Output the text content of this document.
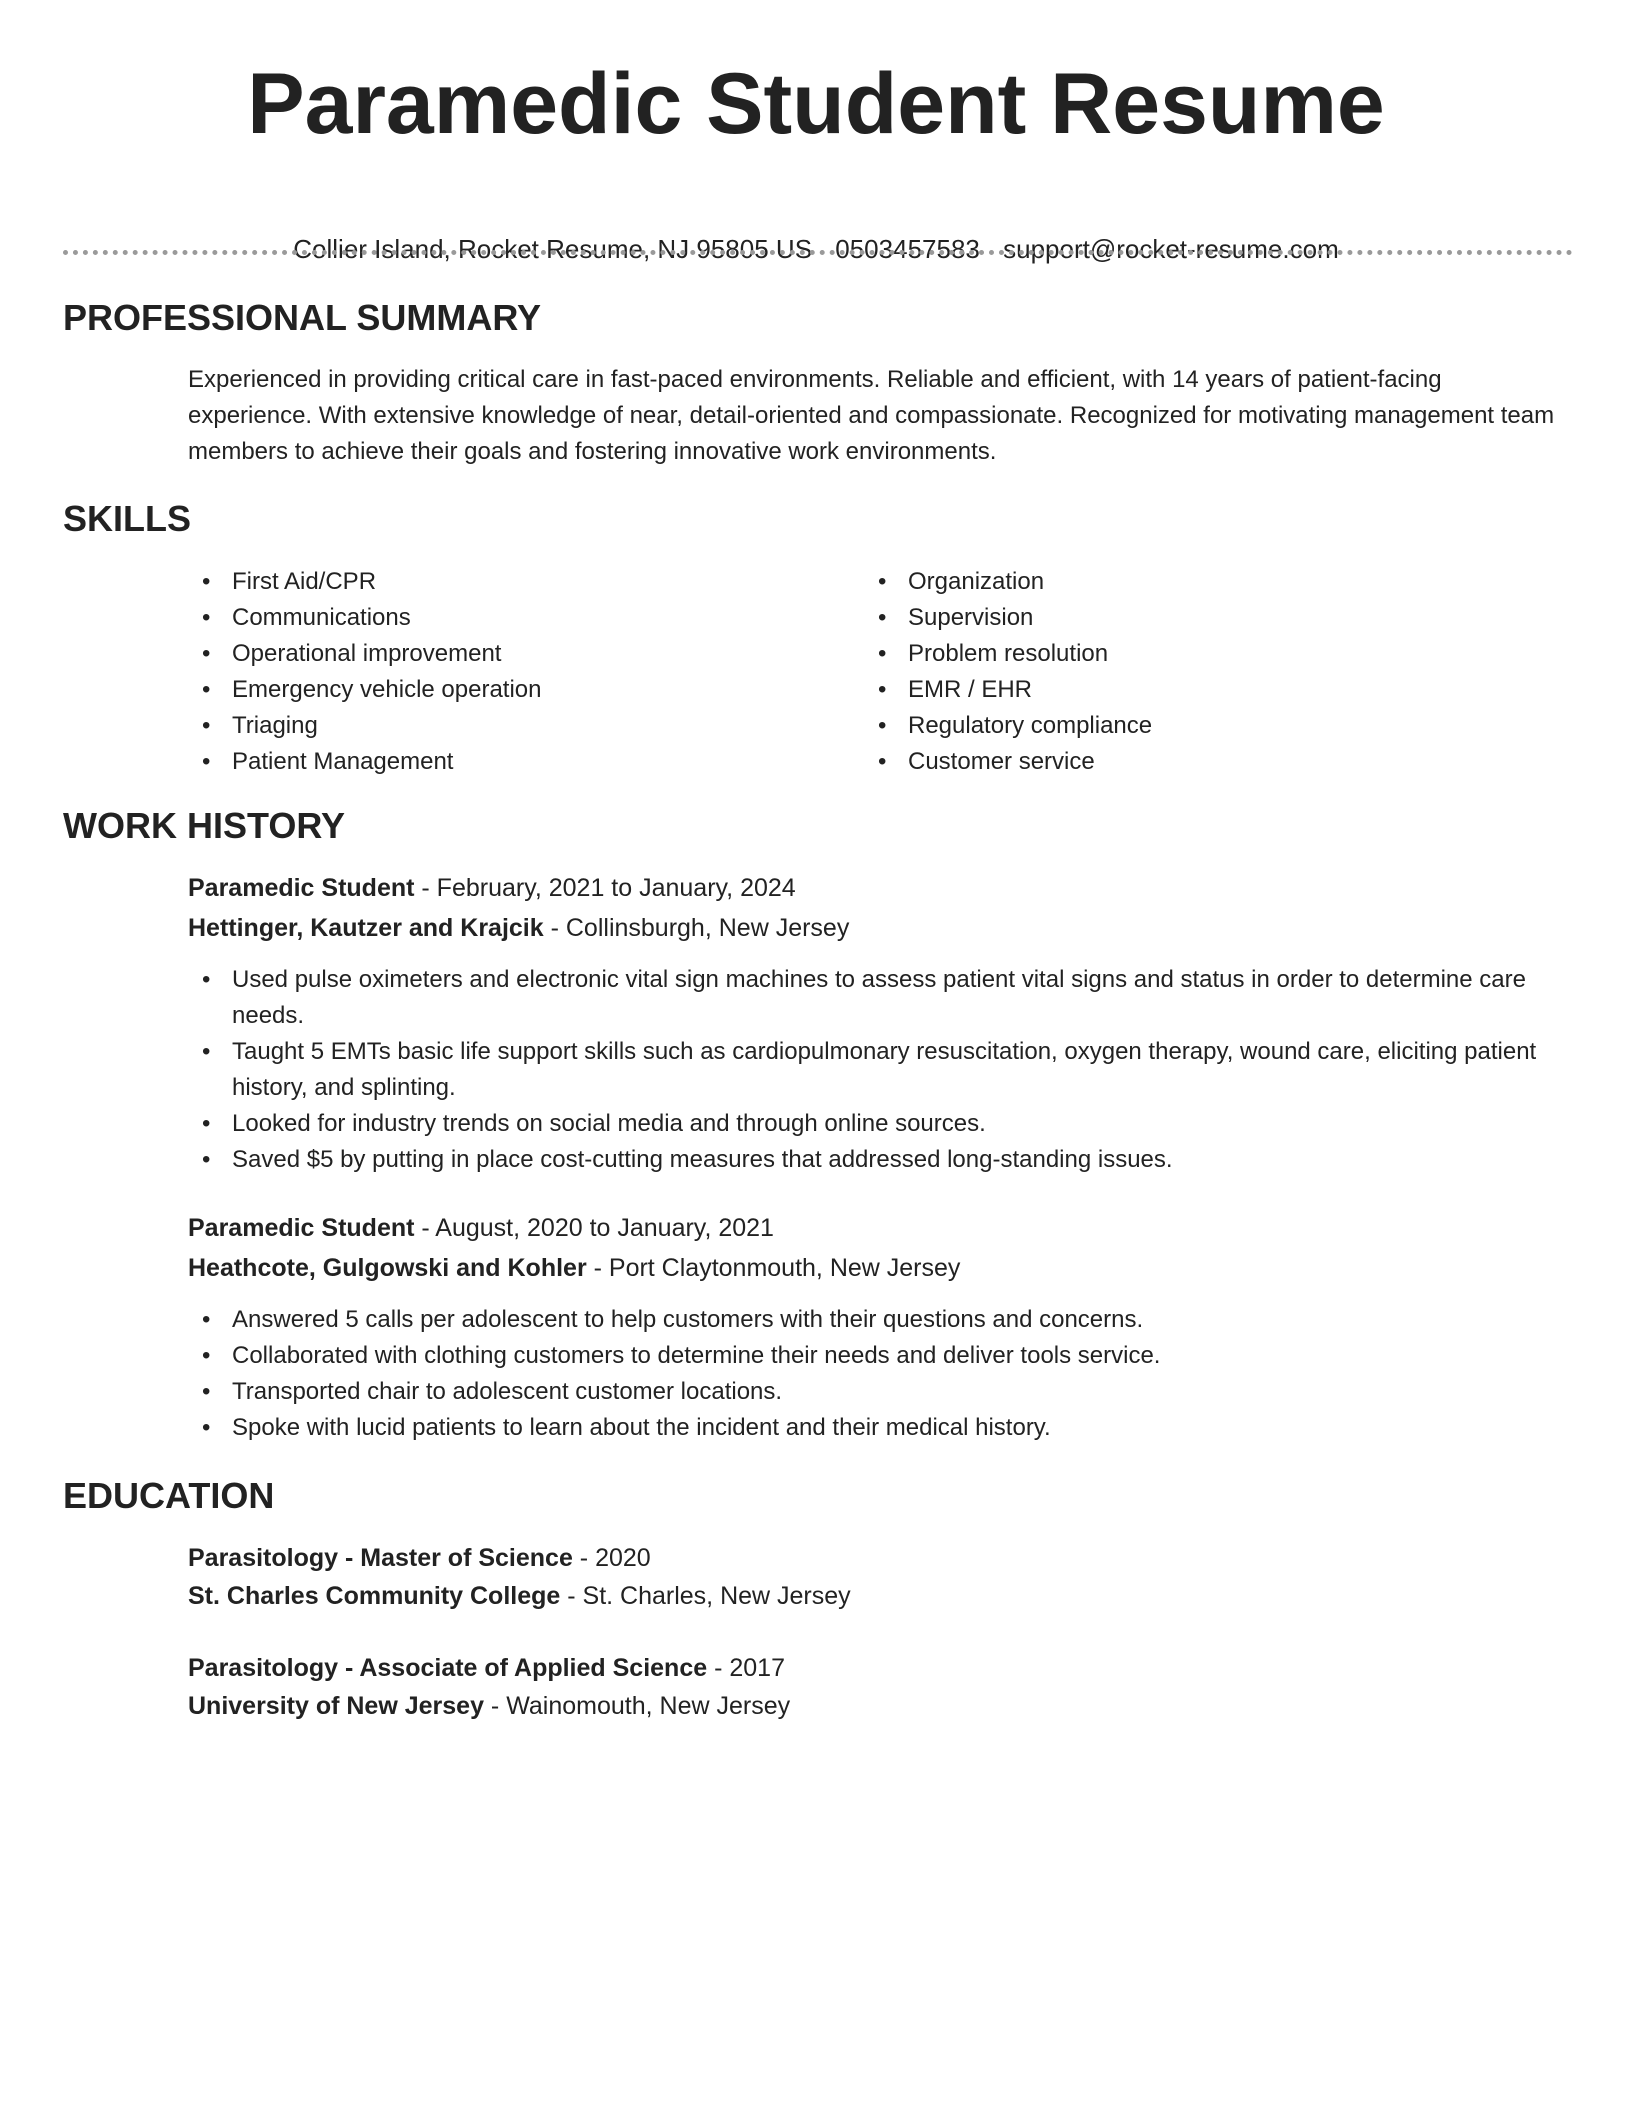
Paramedic Student Resume
Collier Island, Rocket Resume, NJ 95805 US 0503457583 support@rocket-resume.com
PROFESSIONAL SUMMARY
Experienced in providing critical care in fast-paced environments. Reliable and efficient, with 14 years of patient-facing experience. With extensive knowledge of near, detail-oriented and compassionate. Recognized for motivating management team members to achieve their goals and fostering innovative work environments.
SKILLS
• First Aid/CPR
• Communications
• Operational improvement
• Emergency vehicle operation
• Triaging
• Patient Management
• Organization
• Supervision
• Problem resolution
• EMR / EHR
• Regulatory compliance
• Customer service
WORK HISTORY
Paramedic Student - February, 2021 to January, 2024
Hettinger, Kautzer and Krajcik - Collinsburgh, New Jersey
• Used pulse oximeters and electronic vital sign machines to assess patient vital signs and status in order to determine care needs.
• Taught 5 EMTs basic life support skills such as cardiopulmonary resuscitation, oxygen therapy, wound care, eliciting patient history, and splinting.
• Looked for industry trends on social media and through online sources.
• Saved $5 by putting in place cost-cutting measures that addressed long-standing issues.
Paramedic Student - August, 2020 to January, 2021
Heathcote, Gulgowski and Kohler - Port Claytonmouth, New Jersey
• Answered 5 calls per adolescent to help customers with their questions and concerns.
• Collaborated with clothing customers to determine their needs and deliver tools service.
• Transported chair to adolescent customer locations.
• Spoke with lucid patients to learn about the incident and their medical history.
EDUCATION
Parasitology - Master of Science - 2020
St. Charles Community College - St. Charles, New Jersey
Parasitology - Associate of Applied Science - 2017
University of New Jersey - Wainomouth, New Jersey
